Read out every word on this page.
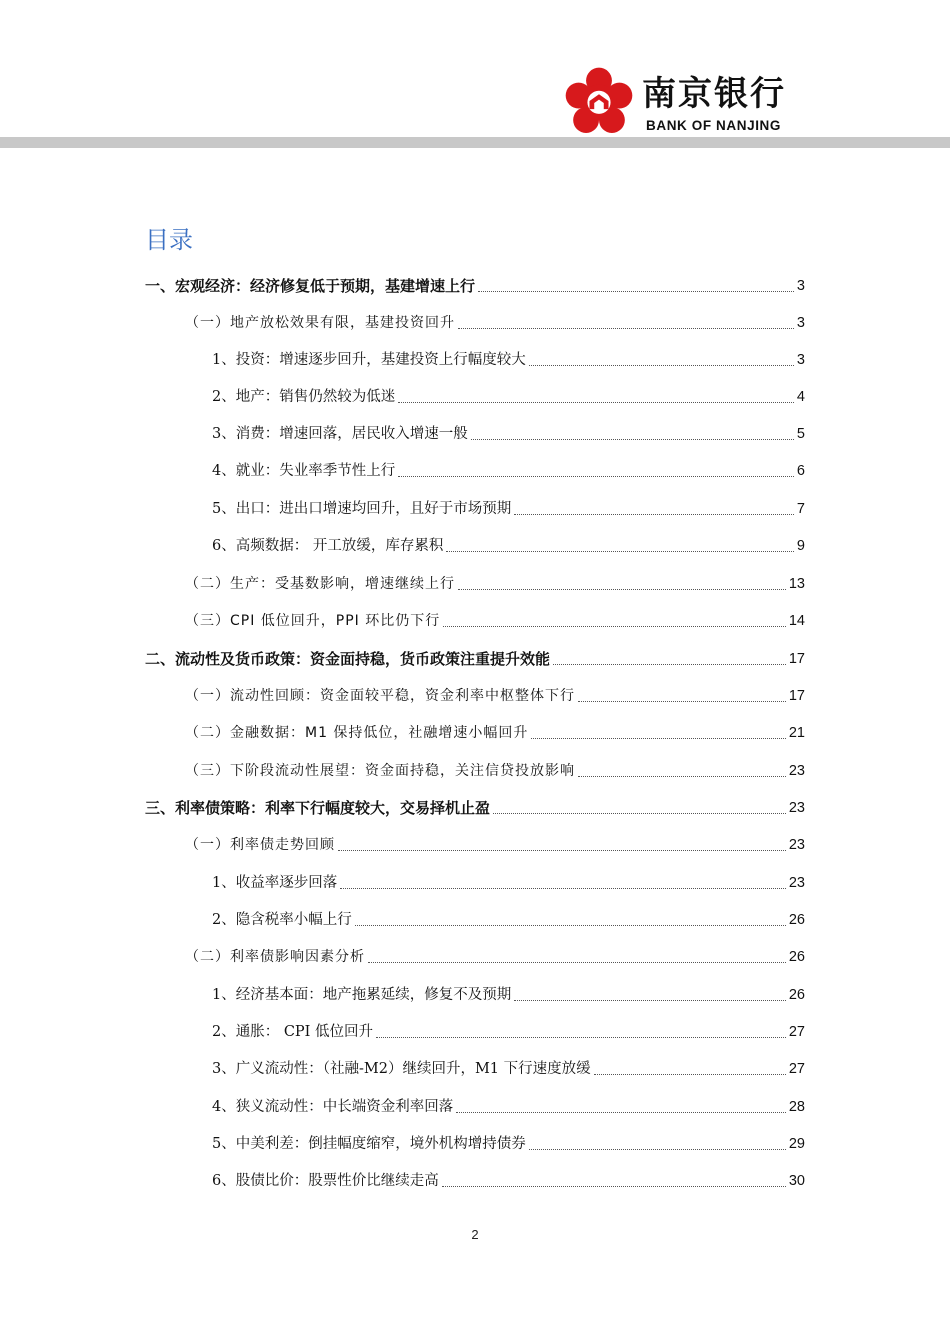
南京银行
BANK OF NANJING
目录
一、宏观经济：经济修复低于预期，基建增速上行	3
（一）地产放松效果有限，基建投资回升	3
1、投资：增速逐步回升，基建投资上行幅度较大	3
2、地产：销售仍然较为低迷	4
3、消费：增速回落，居民收入增速一般	5
4、就业：失业率季节性上行	6
5、出口：进出口增速均回升，且好于市场预期	7
6、高频数据： 开工放缓，库存累积	9
（二）生产：受基数影响，增速继续上行	13
（三）CPI 低位回升，PPI 环比仍下行	14
二、流动性及货币政策：资金面持稳，货币政策注重提升效能	17
（一）流动性回顾：资金面较平稳，资金利率中枢整体下行	17
（二）金融数据：M1 保持低位，社融增速小幅回升	21
（三）下阶段流动性展望：资金面持稳，关注信贷投放影响	23
三、利率债策略：利率下行幅度较大，交易择机止盈	23
（一）利率债走势回顾	23
1、收益率逐步回落	23
2、隐含税率小幅上行	26
（二）利率债影响因素分析	26
1、经济基本面：地产拖累延续，修复不及预期	26
2、通胀： CPI 低位回升	27
3、广义流动性：（社融-M2）继续回升，M1 下行速度放缓	27
4、狭义流动性：中长端资金利率回落	28
5、中美利差：倒挂幅度缩窄，境外机构增持债券	29
6、股债比价：股票性价比继续走高	30
2
